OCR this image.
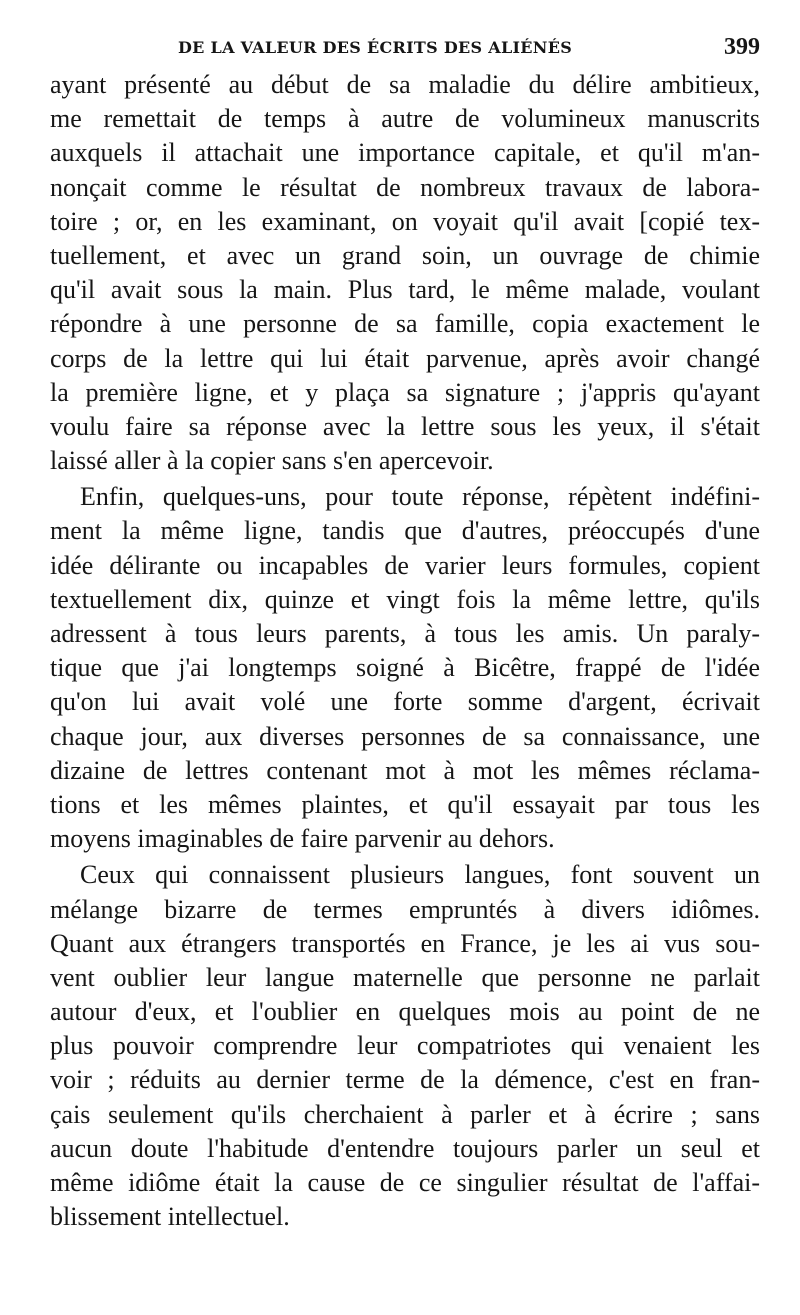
DE LA VALEUR DES ÉCRITS DES ALIÉNÉS	399
ayant présenté au début de sa maladie du délire ambitieux,
me remettait de temps à autre de volumineux manuscrits
auxquels il attachait une importance capitale, et qu'il m'an-
nonçait comme le résultat de nombreux travaux de labora-
toire ; or, en les examinant, on voyait qu'il avait [copié tex-
tuellement, et avec un grand soin, un ouvrage de chimie
qu'il avait sous la main. Plus tard, le même malade, voulant
répondre à une personne de sa famille, copia exactement le
corps de la lettre qui lui était parvenue, après avoir changé
la première ligne, et y plaça sa signature ; j'appris qu'ayant
voulu faire sa réponse avec la lettre sous les yeux, il s'était
laissé aller à la copier sans s'en apercevoir.
Enfin, quelques-uns, pour toute réponse, répètent indéfini-
ment la même ligne, tandis que d'autres, préoccupés d'une
idée délirante ou incapables de varier leurs formules, copient
textuellement dix, quinze et vingt fois la même lettre, qu'ils
adressent à tous leurs parents, à tous les amis. Un paraly-
tique que j'ai longtemps soigné à Bicêtre, frappé de l'idée
qu'on lui avait volé une forte somme d'argent, écrivait
chaque jour, aux diverses personnes de sa connaissance, une
dizaine de lettres contenant mot à mot les mêmes réclama-
tions et les mêmes plaintes, et qu'il essayait par tous les
moyens imaginables de faire parvenir au dehors.
Ceux qui connaissent plusieurs langues, font souvent un
mélange bizarre de termes empruntés à divers idiômes.
Quant aux étrangers transportés en France, je les ai vus sou-
vent oublier leur langue maternelle que personne ne parlait
autour d'eux, et l'oublier en quelques mois au point de ne
plus pouvoir comprendre leur compatriotes qui venaient les
voir ; réduits au dernier terme de la démence, c'est en fran-
çais seulement qu'ils cherchaient à parler et à écrire ; sans
aucun doute l'habitude d'entendre toujours parler un seul et
même idiôme était la cause de ce singulier résultat de l'affai-
blissement intellectuel.
